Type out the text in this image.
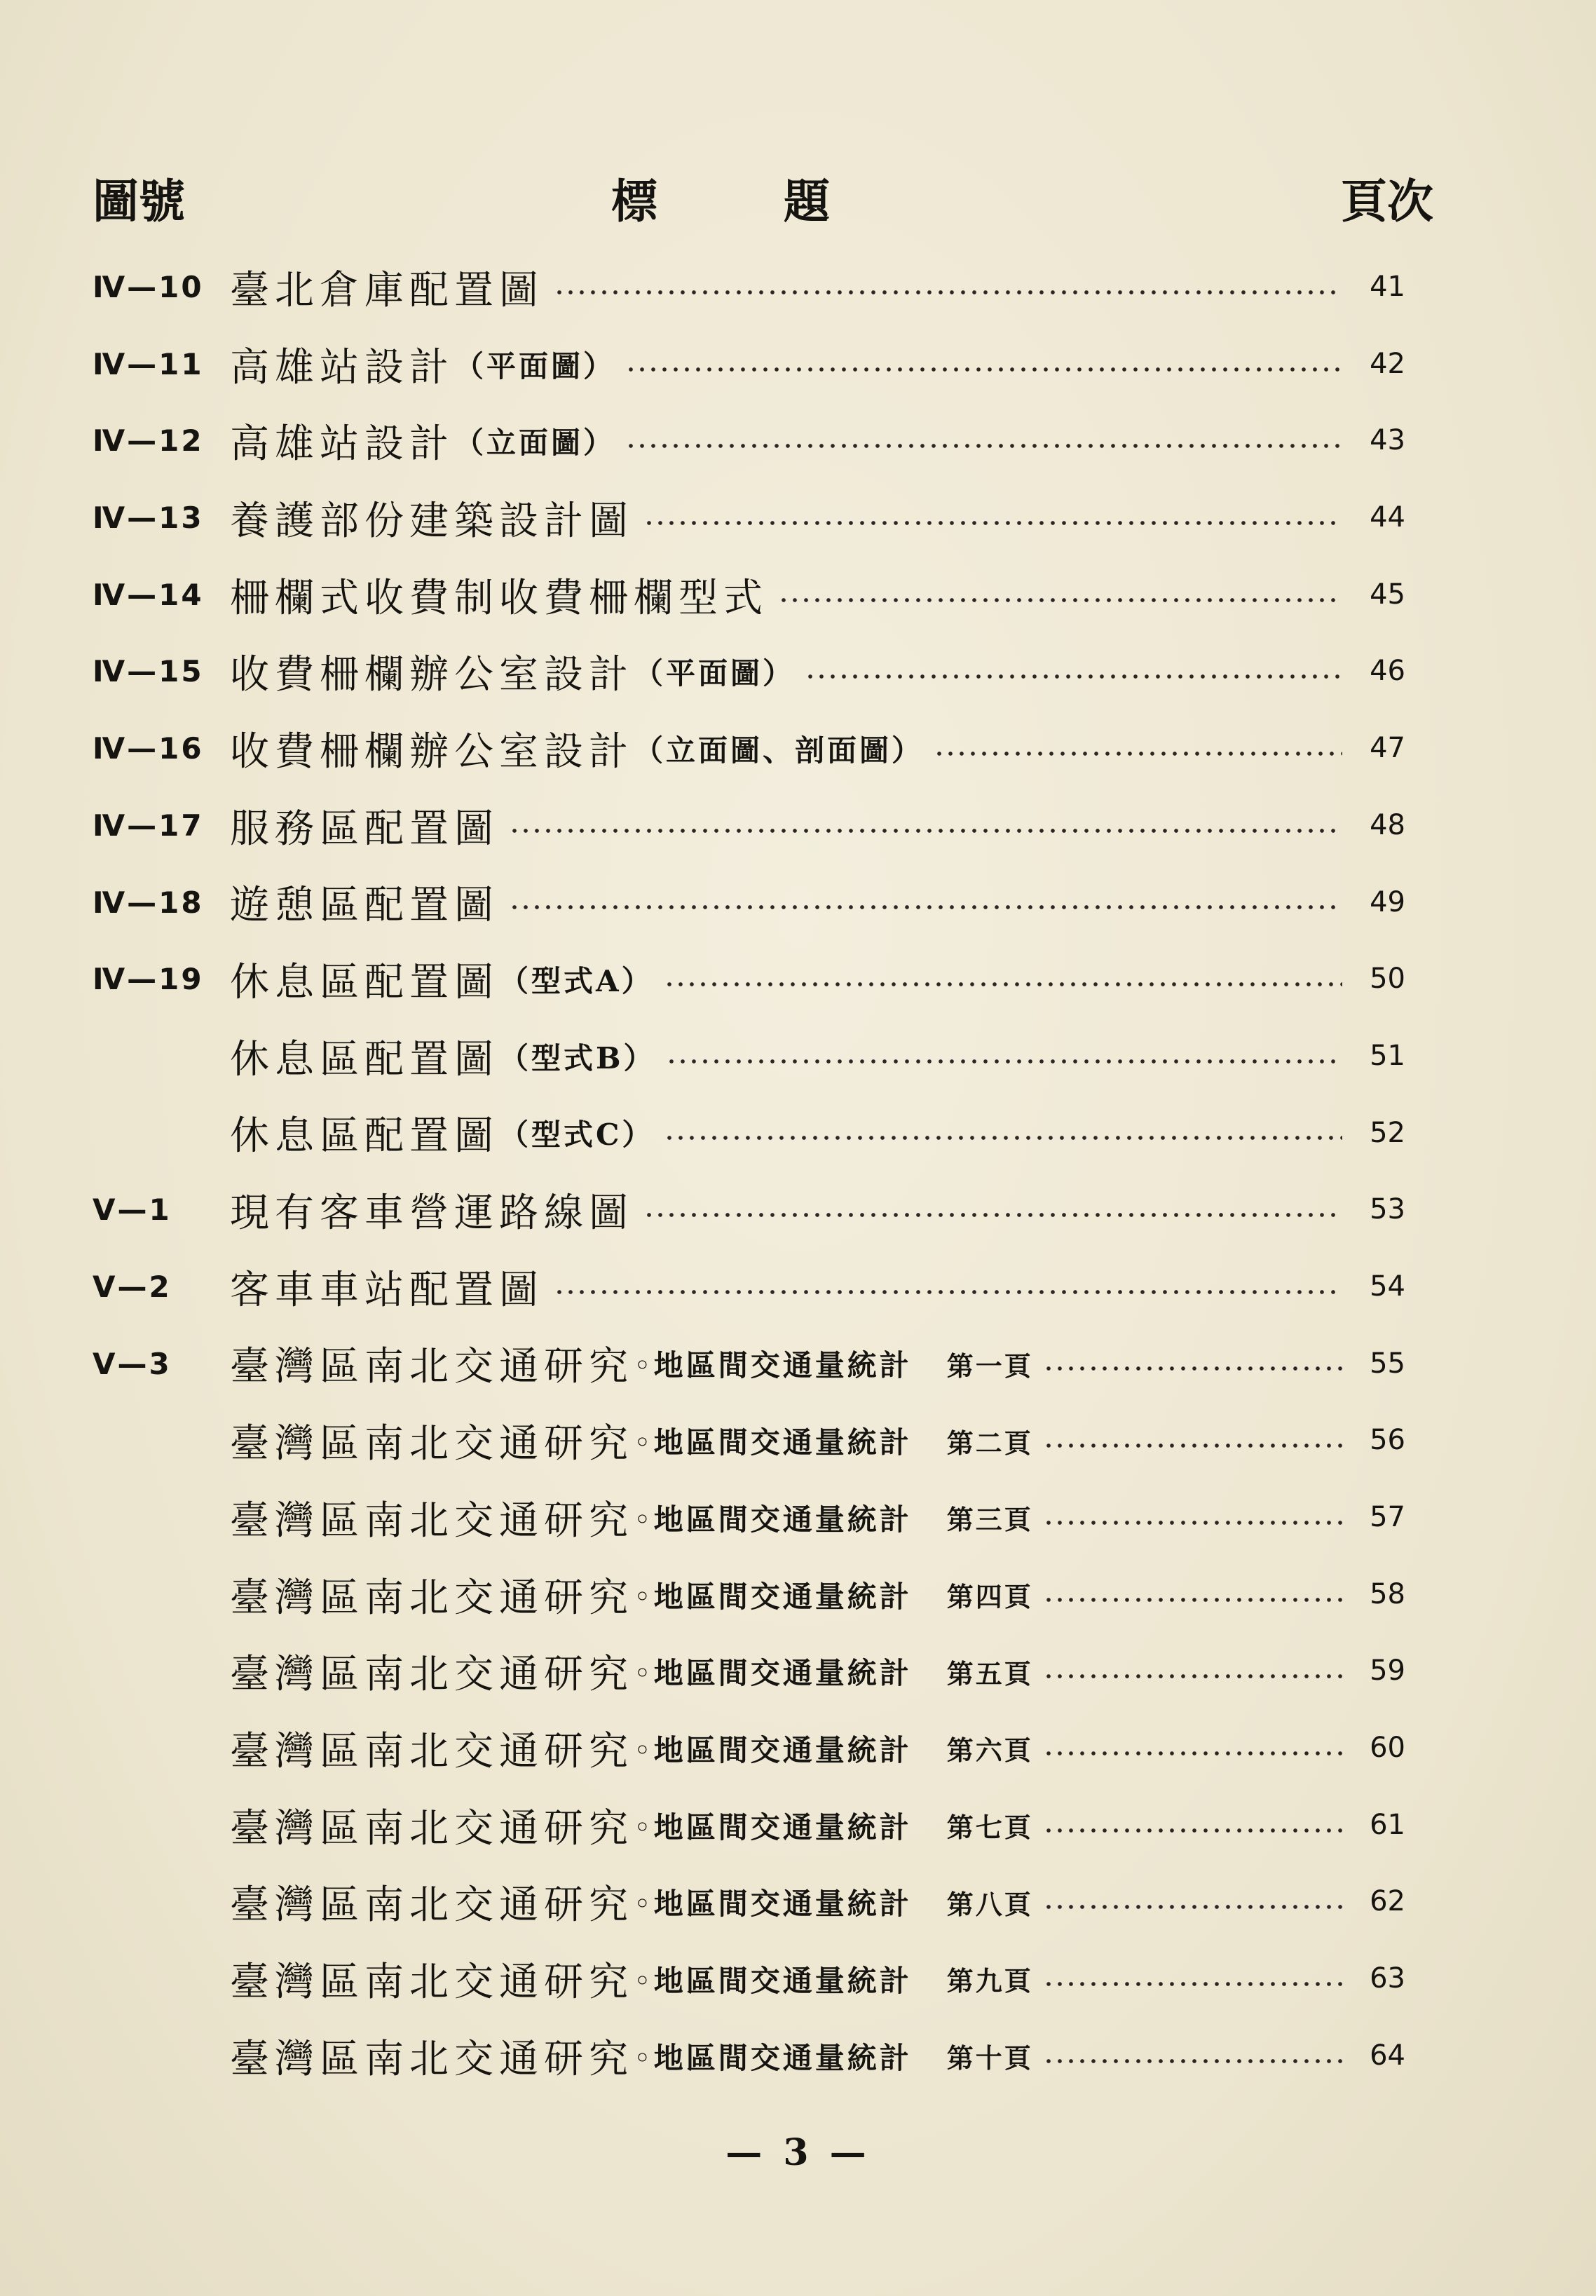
圖號	標題	頁次
Ⅳ—10 臺北倉庫配置圖	41
Ⅳ—11 高雄站設計 （平面圖）	42
Ⅳ—12 高雄站設計 （立面圖）	43
Ⅳ—13 養護部份建築設計圖	44
Ⅳ—14 柵欄式收費制收費柵欄型式	45
Ⅳ—15 收費柵欄辦公室設計 （平面圖）	46
Ⅳ—16 收費柵欄辦公室設計 （立面圖、剖面圖）	47
Ⅳ—17 服務區配置圖	48
Ⅳ—18 遊憩區配置圖	49
Ⅳ—19 休息區配置圖 （型式A）	50
休息區配置圖 （型式B）	51
休息區配置圖 （型式C）	52
Ⅴ—1 現有客車營運路線圖	53
Ⅴ—2 客車車站配置圖	54
Ⅴ—3 臺灣區南北交通研究 ◦地區間交通量統計 第一頁	55
臺灣區南北交通研究 ◦地區間交通量統計 第二頁	56
臺灣區南北交通研究 ◦地區間交通量統計 第三頁	57
臺灣區南北交通研究 ◦地區間交通量統計 第四頁	58
臺灣區南北交通研究 ◦地區間交通量統計 第五頁	59
臺灣區南北交通研究 ◦地區間交通量統計 第六頁	60
臺灣區南北交通研究 ◦地區間交通量統計 第七頁	61
臺灣區南北交通研究 ◦地區間交通量統計 第八頁	62
臺灣區南北交通研究 ◦地區間交通量統計 第九頁	63
臺灣區南北交通研究 ◦地區間交通量統計 第十頁	64
— 3 —
